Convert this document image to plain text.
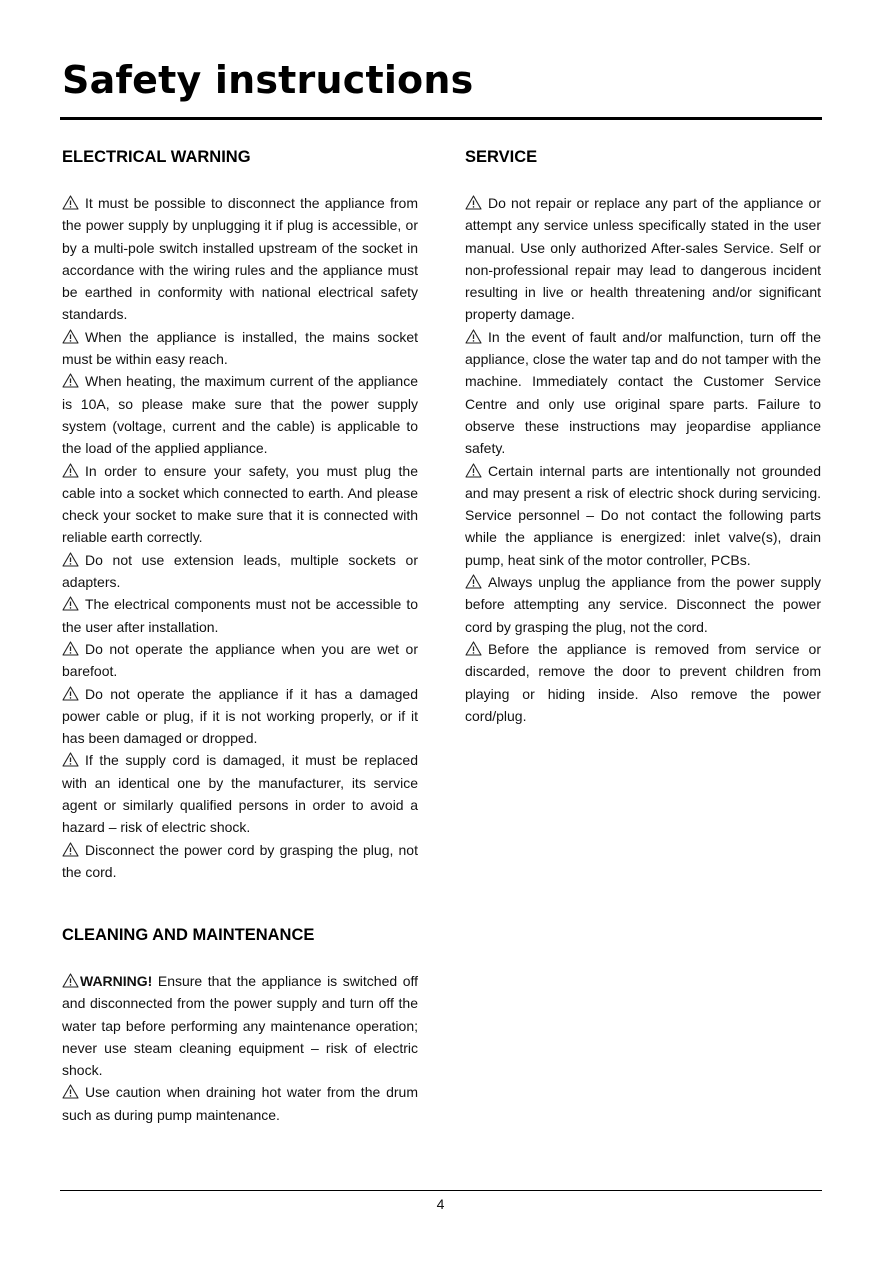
Safety instructions
ELECTRICAL WARNING

It must be possible to disconnect the appliance from the power supply by unplugging it if plug is accessible, or by a multi-pole switch installed upstream of the socket in accordance with the wiring rules and the appliance must be earthed in conformity with national electrical safety standards.

When the appliance is installed, the mains socket must be within easy reach.

When heating, the maximum current of the appliance is 10A, so please make sure that the power supply system (voltage, current and the cable) is applicable to the load of the applied appliance.

In order to ensure your safety, you must plug the cable into a socket which connected to earth. And please check your socket to make sure that it is connected with reliable earth correctly.

Do not use extension leads, multiple sockets or adapters.

The electrical components must not be accessible to the user after installation.

Do not operate the appliance when you are wet or barefoot.

Do not operate the appliance if it has a damaged power cable or plug, if it is not working properly, or if it has been damaged or dropped.

If the supply cord is damaged, it must be replaced with an identical one by the manufacturer, its service agent or similarly qualified persons in order to avoid a hazard – risk of electric shock.

Disconnect the power cord by grasping the plug, not the cord.

SERVICE

Do not repair or replace any part of the appliance or attempt any service unless specifically stated in the user manual. Use only authorized After-sales Service. Self or non-professional repair may lead to dangerous incident resulting in live or health threatening and/or significant property damage.

In the event of fault and/or malfunction, turn off the appliance, close the water tap and do not tamper with the machine. Immediately contact the Customer Service Centre and only use original spare parts. Failure to observe these instructions may jeopardise appliance safety.

Certain internal parts are intentionally not grounded and may present a risk of electric shock during servicing. Service personnel – Do not contact the following parts while the appliance is energized: inlet valve(s), drain pump, heat sink of the motor controller, PCBs.

Always unplug the appliance from the power supply before attempting any service. Disconnect the power cord by grasping the plug, not the cord.

Before the appliance is removed from service or discarded, remove the door to prevent children from playing or hiding inside. Also remove the power cord/plug.

CLEANING AND MAINTENANCE

WARNING! Ensure that the appliance is switched off and disconnected from the power supply and turn off the water tap before performing any maintenance operation; never use steam cleaning equipment – risk of electric shock.

Use caution when draining hot water from the drum such as during pump maintenance.

4
